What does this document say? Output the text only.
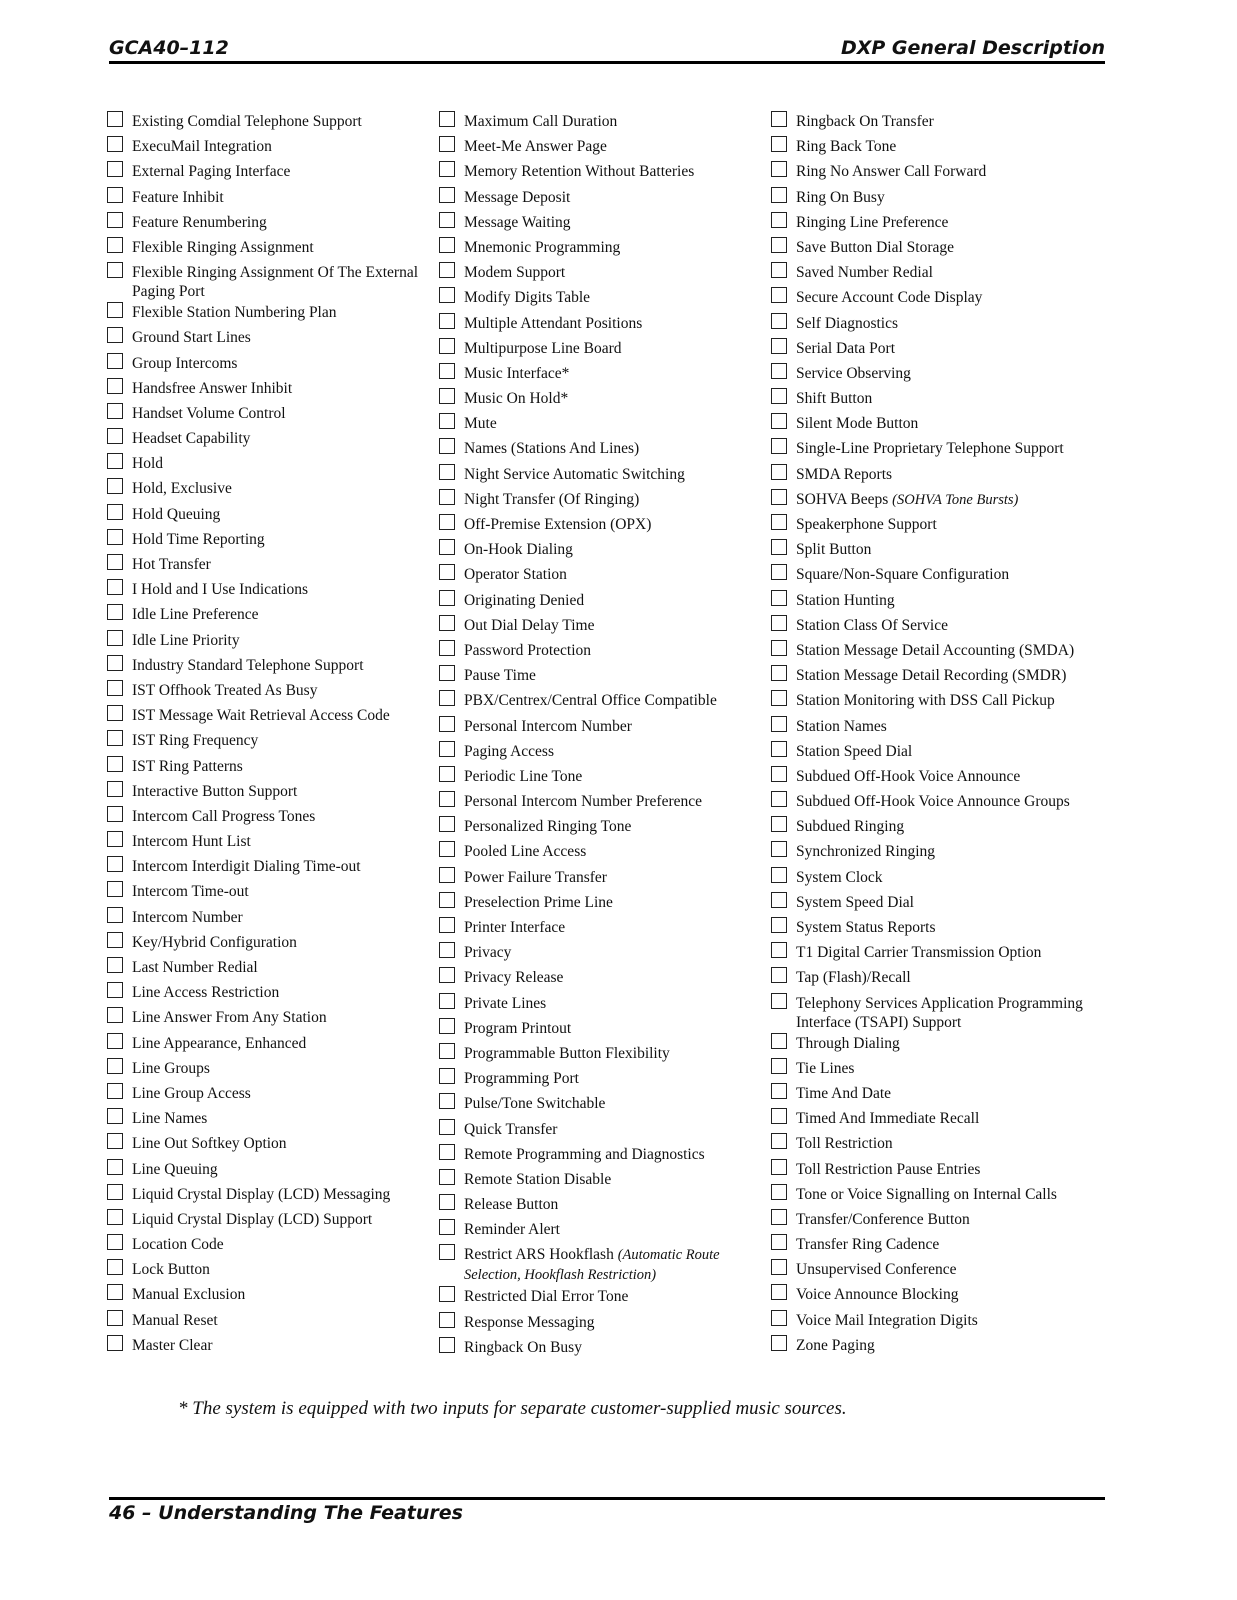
GCA40–112	DXP General Description
Existing Comdial Telephone Support
ExecuMail Integration
External Paging Interface
Feature Inhibit
Feature Renumbering
Flexible Ringing Assignment
Flexible Ringing Assignment Of The External Paging Port
Flexible Station Numbering Plan
Ground Start Lines
Group Intercoms
Handsfree Answer Inhibit
Handset Volume Control
Headset Capability
Hold
Hold, Exclusive
Hold Queuing
Hold Time Reporting
Hot Transfer
I Hold and I Use Indications
Idle Line Preference
Idle Line Priority
Industry Standard Telephone Support
IST Offhook Treated As Busy
IST Message Wait Retrieval Access Code
IST Ring Frequency
IST Ring Patterns
Interactive Button Support
Intercom Call Progress Tones
Intercom Hunt List
Intercom Interdigit Dialing Time-out
Intercom Time-out
Intercom Number
Key/Hybrid Configuration
Last Number Redial
Line Access Restriction
Line Answer From Any Station
Line Appearance, Enhanced
Line Groups
Line Group Access
Line Names
Line Out Softkey Option
Line Queuing
Liquid Crystal Display (LCD) Messaging
Liquid Crystal Display (LCD) Support
Location Code
Lock Button
Manual Exclusion
Manual Reset
Master Clear
Maximum Call Duration
Meet-Me Answer Page
Memory Retention Without Batteries
Message Deposit
Message Waiting
Mnemonic Programming
Modem Support
Modify Digits Table
Multiple Attendant Positions
Multipurpose Line Board
Music Interface*
Music On Hold*
Mute
Names (Stations And Lines)
Night Service Automatic Switching
Night Transfer (Of Ringing)
Off-Premise Extension (OPX)
On-Hook Dialing
Operator Station
Originating Denied
Out Dial Delay Time
Password Protection
Pause Time
PBX/Centrex/Central Office Compatible
Personal Intercom Number
Paging Access
Periodic Line Tone
Personal Intercom Number Preference
Personalized Ringing Tone
Pooled Line Access
Power Failure Transfer
Preselection Prime Line
Printer Interface
Privacy
Privacy Release
Private Lines
Program Printout
Programmable Button Flexibility
Programming Port
Pulse/Tone Switchable
Quick Transfer
Remote Programming and Diagnostics
Remote Station Disable
Release Button
Reminder Alert
Restrict ARS Hookflash (Automatic Route Selection, Hookflash Restriction)
Restricted Dial Error Tone
Response Messaging
Ringback On Busy
Ringback On Transfer
Ring Back Tone
Ring No Answer Call Forward
Ring On Busy
Ringing Line Preference
Save Button Dial Storage
Saved Number Redial
Secure Account Code Display
Self Diagnostics
Serial Data Port
Service Observing
Shift Button
Silent Mode Button
Single-Line Proprietary Telephone Support
SMDA Reports
SOHVA Beeps (SOHVA Tone Bursts)
Speakerphone Support
Split Button
Square/Non-Square Configuration
Station Hunting
Station Class Of Service
Station Message Detail Accounting (SMDA)
Station Message Detail Recording (SMDR)
Station Monitoring with DSS Call Pickup
Station Names
Station Speed Dial
Subdued Off-Hook Voice Announce
Subdued Off-Hook Voice Announce Groups
Subdued Ringing
Synchronized Ringing
System Clock
System Speed Dial
System Status Reports
T1 Digital Carrier Transmission Option
Tap (Flash)/Recall
Telephony Services Application Programming Interface (TSAPI) Support
Through Dialing
Tie Lines
Time And Date
Timed And Immediate Recall
Toll Restriction
Toll Restriction Pause Entries
Tone or Voice Signalling on Internal Calls
Transfer/Conference Button
Transfer Ring Cadence
Unsupervised Conference
Voice Announce Blocking
Voice Mail Integration Digits
Zone Paging
* The system is equipped with two inputs for separate customer-supplied music sources.
46 – Understanding The Features
